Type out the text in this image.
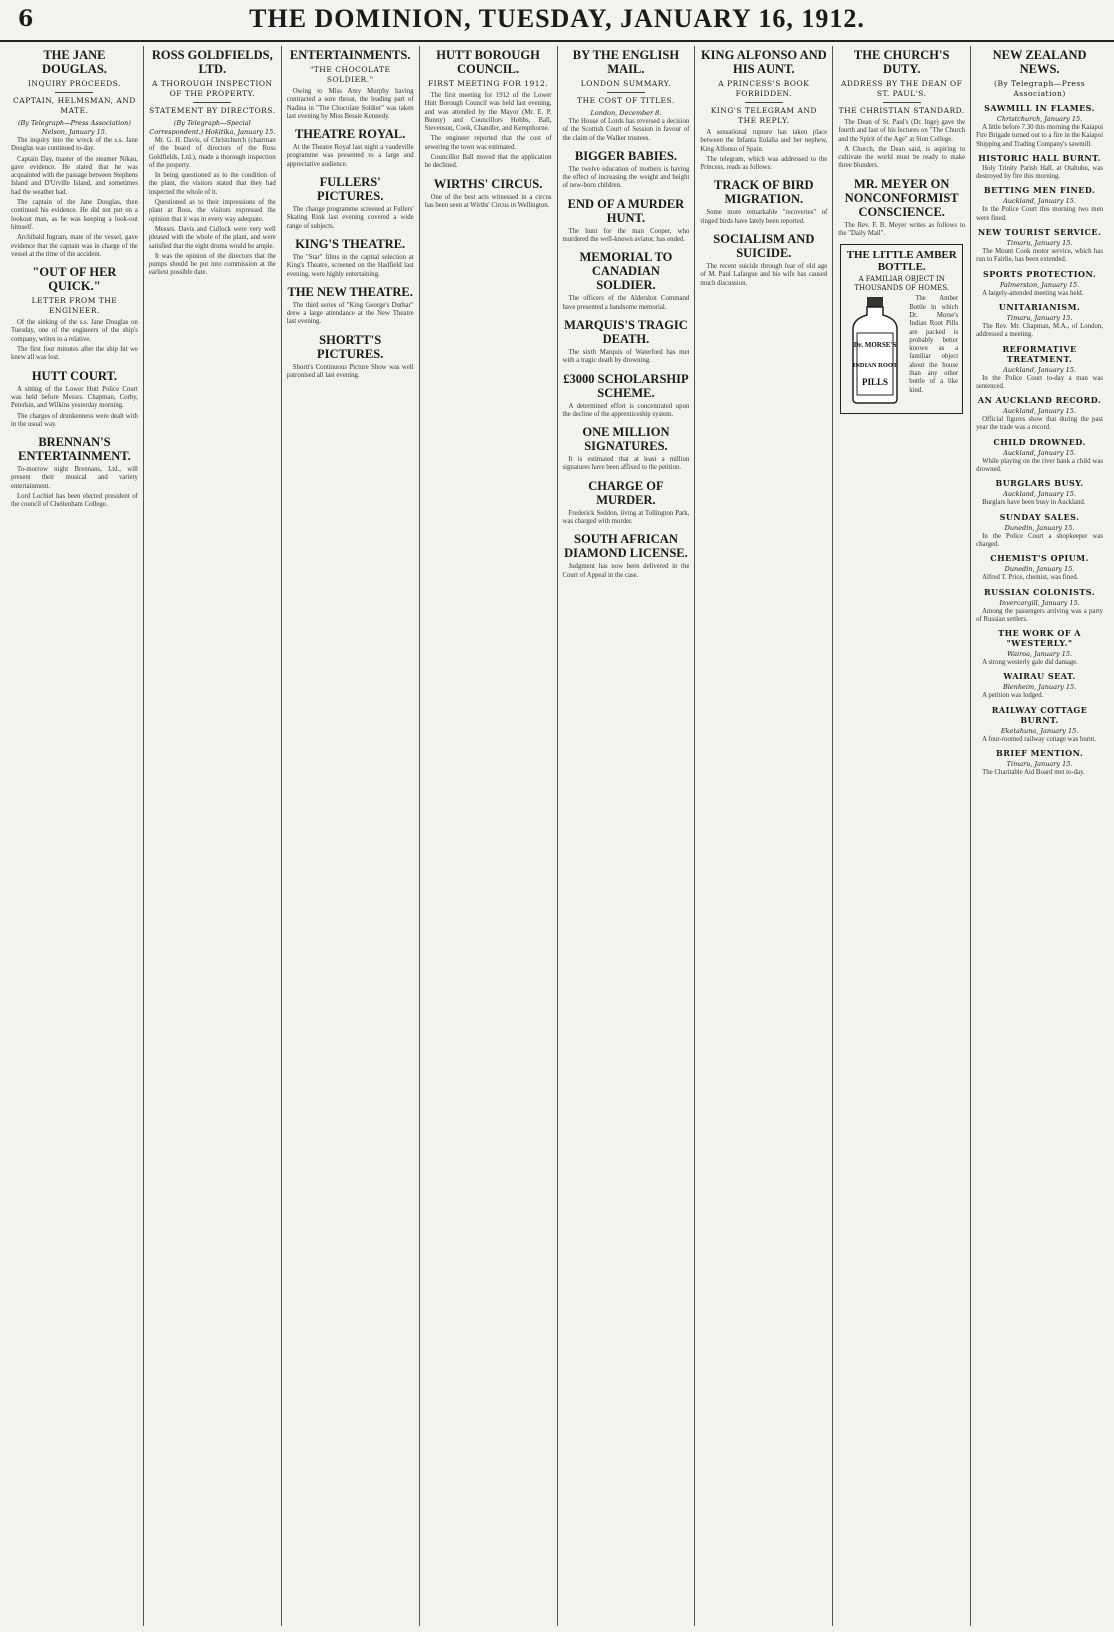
6	THE DOMINION, TUESDAY, JANUARY 16, 1912.
THE JANE DOUGLAS.
INQUIRY PROCEEDS.
CAPTAIN, HELMSMAN, AND MATE.
(By Telegraph—Press Association) Nelson, January 15.

The inquiry into the wreck of the s.s. Jane Douglas was continued to-day.

Captain Day, master of the steamer Nikau, gave evidence. He stated that he was acquainted with the passage between Stephens Island and D'Urville Island, and sometimes had the weather bad.

The captain of the Jane Douglas, then continued his evidence. He did not put on a lookout man, as he was keeping a look-out himself.

Archibald Ingram, mate of the vessel, gave evidence that the captain was in charge of the vessel at the time of the accident.

"OUT OF HER QUICK."
LETTER FROM THE ENGINEER.

Of the sinking of the s.s. Jane Douglas on Tuesday, one of the engineers of the ship's company, writes to a relative.

The first four minutes after the ship hit we knew all was lost.

HUTT COURT.

A sitting of the Lower Hutt Police Court was held before Messrs. Chapman, Corby, Peterkin, and Wilkins yesterday morning.

The charges of drunkenness were dealt with in the usual way.

BRENNAN'S ENTERTAINMENT.

To-morrow night Brennans, Ltd., will present their musical and variety entertainment.

Lord Lochiel has been elected president of the council of Cheltenham College.

ROSS GOLDFIELDS, LTD.
A THOROUGH INSPECTION OF THE PROPERTY.
STATEMENT BY DIRECTORS.
(By Telegraph—Special Correspondent.) Hokitika, January 15.

Mr. G. H. Davis, of Christchurch (chairman of the board of directors of the Ross Goldfields, Ltd.), made a thorough inspection of the property.

In being questioned as to the condition of the plant, the visitors stated that they had inspected the whole of it.

Questioned as to their impressions of the plant at Ross, the visitors expressed the opinion that it was in every way adequate.

Messrs. Davis and Cullock were very well pleased with the whole of the plant, and were satisfied that the eight drums would be ample.

It was the opinion of the directors that the pumps should be put into commission at the earliest possible date.

ENTERTAINMENTS.
"THE CHOCOLATE SOLDIER."

Owing to Miss Amy Murphy having contracted a sore throat, the leading part of Nadina in "The Chocolate Soldier" was taken last evening by Miss Bessie Kennedy.

THEATRE ROYAL.

At the Theatre Royal last night a vaudeville programme was presented to a large and appreciative audience.

FULLERS' PICTURES.

The change programme screened at Fullers' Skating Rink last evening covered a wide range of subjects.

KING'S THEATRE.

The "Star" films in the capital selection at King's Theatre, screened on the Hadfield last evening, were highly entertaining.

THE NEW THEATRE.

The third series of "King George's Durbar" drew a large attendance at the New Theatre last evening.

SHORTT'S PICTURES.

Shortt's Continuous Picture Show was well patronised all last evening.

HUTT BOROUGH COUNCIL.
FIRST MEETING FOR 1912.

The first meeting for 1912 of the Lower Hutt Borough Council was held last evening, and was attended by the Mayor (Mr. E. P. Bunny) and Councillors Hobbs, Ball, Stevenson, Cook, Chandler, and Kempthorne.

The engineer reported that the cost of sewering the town was estimated.

Councillor Ball moved that the application be declined.

WIRTHS' CIRCUS.

One of the best acts witnessed in a circus has been seen at Wirths' Circus in Wellington.

BY THE ENGLISH MAIL.
LONDON SUMMARY.
THE COST OF TITLES.
London, December 8.

The House of Lords has reversed a decision of the Scottish Court of Session in favour of the claim of the Walker trustees.

BIGGER BABIES.

The twelve education of mothers is having the effect of increasing the weight and height of new-born children.

END OF A MURDER HUNT.

The hunt for the man Cooper, who murdered the well-known aviator, has ended.

MEMORIAL TO CANADIAN SOLDIER.

The officers of the Aldershot Command have presented a handsome memorial.

MARQUIS'S TRAGIC DEATH.

The sixth Marquis of Waterford has met with a tragic death by drowning.

£3000 SCHOLARSHIP SCHEME.

A determined effort is concentrated upon the decline of the apprenticeship system.

ONE MILLION SIGNATURES.

It is estimated that at least a million signatures have been affixed to the petition.

CHARGE OF MURDER.

Frederick Seddon, living at Tollington Park, was charged with murder.

SOUTH AFRICAN DIAMOND LICENSE.

Judgment has now been delivered in the Court of Appeal in the case.

KING ALFONSO AND HIS AUNT.
A PRINCESS'S BOOK FORBIDDEN.
KING'S TELEGRAM AND THE REPLY.

A sensational rupture has taken place between the Infanta Eulalia and her nephew, King Alfonso of Spain.

The telegram, which was addressed to the Princess, reads as follows.

TRACK OF BIRD MIGRATION.

Some more remarkable "recoveries" of ringed birds have lately been reported.

SOCIALISM AND SUICIDE.

The recent suicide through fear of old age of M. Paul Lafargue and his wife has caused much discussion.

THE CHURCH'S DUTY.
ADDRESS BY THE DEAN OF ST. PAUL'S.
THE CHRISTIAN STANDARD.

The Dean of St. Paul's (Dr. Inge) gave the fourth and last of his lectures on "The Church and the Spirit of the Age" at Sion College.

A Church, the Dean said, is aspiring to cultivate the world must be ready to make three blunders.

MR. MEYER ON NONCONFORMIST CONSCIENCE.

The Rev. F. B. Meyer writes as follows to the "Daily Mail".

THE LITTLE AMBER BOTTLE.
A FAMILIAR OBJECT IN THOUSANDS OF HOMES.
Dr. MORSE'S
INDIAN ROOT
PILLS

The Amber Bottle in which Dr. Morse's Indian Root Pills are packed is probably better known as a familiar object about the house than any other bottle of a like kind.

NEW ZEALAND NEWS.
(By Telegraph—Press Association)
SAWMILL IN FLAMES.
Christchurch, January 15.

A little before 7.30 this morning the Kaiapoi Fire Brigade turned out to a fire in the Kaiapoi Shipping and Trading Company's sawmill.

HISTORIC HALL BURNT.

Holy Trinity Parish Hall, at Otahuhu, was destroyed by fire this morning.

BETTING MEN FINED.
Auckland, January 15.

In the Police Court this morning two men were fined.

NEW TOURIST SERVICE.
Timaru, January 15.

The Mount Cook motor service, which has run to Fairlie, has been extended.

SPORTS PROTECTION.
Palmerston, January 15.

A largely-attended meeting was held.

UNITARIANISM.
Timaru, January 15.

The Rev. Mr. Chapman, M.A., of London, addressed a meeting.

REFORMATIVE TREATMENT.
Auckland, January 15.

In the Police Court to-day a man was sentenced.

AN AUCKLAND RECORD.
Auckland, January 15.

Official figures show that during the past year the trade was a record.

CHILD DROWNED.
Auckland, January 15.

While playing on the river bank a child was drowned.

BURGLARS BUSY.
Auckland, January 15.

Burglars have been busy in Auckland.

SUNDAY SALES.
Dunedin, January 15.

In the Police Court a shopkeeper was charged.

CHEMIST'S OPIUM.
Dunedin, January 15.

Alfred T. Price, chemist, was fined.

RUSSIAN COLONISTS.
Invercargill, January 15.

Among the passengers arriving was a party of Russian settlers.

THE WORK OF A "WESTERLY."
Wairoa, January 15.

A strong westerly gale did damage.

WAIRAU SEAT.
Blenheim, January 15.

A petition was lodged.

RAILWAY COTTAGE BURNT.
Eketahuna, January 15.

A four-roomed railway cottage was burnt.

BRIEF MENTION.
Timaru, January 15.

The Charitable Aid Board met to-day.
